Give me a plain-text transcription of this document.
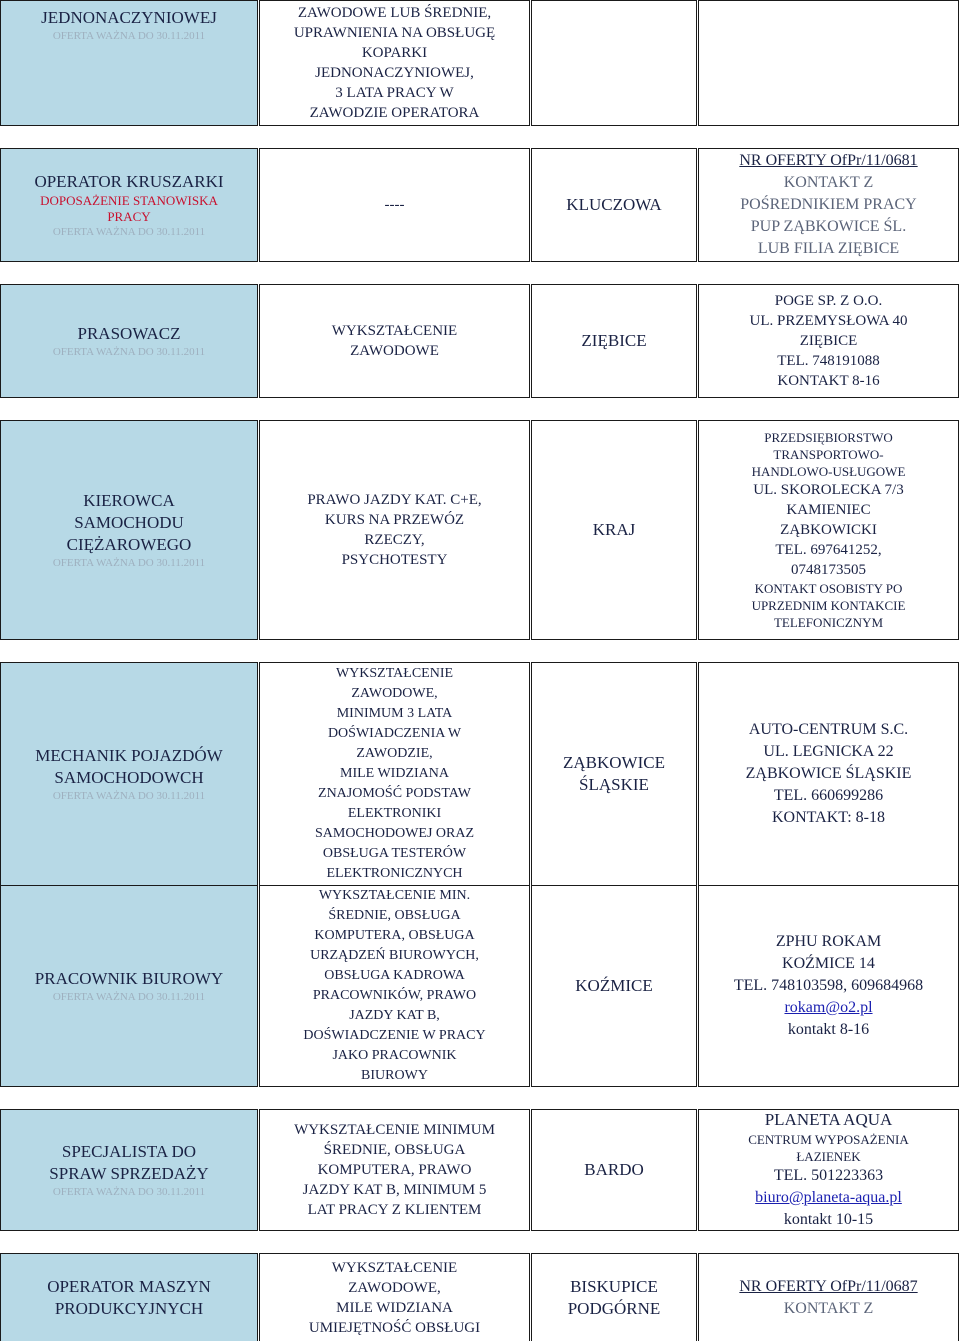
JEDNONACZYNIOWEJ
OFERTA WAŻNA DO 30.11.2011
ZAWODOWE LUB ŚREDNIE,
UPRAWNIENIA NA OBSŁUGĘ
KOPARKI
JEDNONACZYNIOWEJ,
3 LATA PRACY W
ZAWODZIE OPERATORA
OPERATOR KRUSZARKI
DOPOSAŻENIE STANOWISKA
PRACY
OFERTA WAŻNA DO 30.11.2011
----	KLUCZOWA
NR OFERTY OfPr/11/0681
KONTAKT Z
POŚREDNIKIEM PRACY
PUP ZĄBKOWICE ŚL.
LUB FILIA ZIĘBICE
PRASOWACZ
OFERTA WAŻNA DO 30.11.2011
WYKSZTAŁCENIE
ZAWODOWE
ZIĘBICE
POGE SP. Z O.O.
UL. PRZEMYSŁOWA 40
ZIĘBICE
TEL. 748191088
KONTAKT 8-16
KIEROWCA
SAMOCHODU
CIĘŻAROWEGO
OFERTA WAŻNA DO 30.11.2011
PRAWO JAZDY KAT. C+E,
KURS NA PRZEWÓZ
RZECZY,
PSYCHOTESTY
KRAJ
PRZEDSIĘBIORSTWO
TRANSPORTOWO-
HANDLOWO-USŁUGOWE
UL. SKOROLECKA 7/3
KAMIENIEC
ZĄBKOWICKI
TEL. 697641252,
0748173505
KONTAKT OSOBISTY PO
UPRZEDNIM KONTAKCIE
TELEFONICZNYM
MECHANIK POJAZDÓW
SAMOCHODOWCH
OFERTA WAŻNA DO 30.11.2011
WYKSZTAŁCENIE
ZAWODOWE,
MINIMUM 3 LATA
DOŚWIADCZENIA W
ZAWODZIE,
MILE WIDZIANA
ZNAJOMOŚĆ PODSTAW
ELEKTRONIKI
SAMOCHODOWEJ ORAZ
OBSŁUGA TESTERÓW
ELEKTRONICZNYCH
ZĄBKOWICE
ŚLĄSKIE
AUTO-CENTRUM S.C.
UL. LEGNICKA 22
ZĄBKOWICE ŚLĄSKIE
TEL. 660699286
KONTAKT: 8-18
PRACOWNIK BIUROWY
OFERTA WAŻNA DO 30.11.2011
WYKSZTAŁCENIE MIN.
ŚREDNIE, OBSŁUGA
KOMPUTERA, OBSŁUGA
URZĄDZEŃ BIUROWYCH,
OBSŁUGA KADROWA
PRACOWNIKÓW, PRAWO
JAZDY KAT B,
DOŚWIADCZENIE W PRACY
JAKO PRACOWNIK
BIUROWY
KOŹMICE
ZPHU ROKAM
KOŹMICE 14
TEL. 748103598, 609684968
rokam@o2.pl
kontakt 8-16
SPECJALISTA DO
SPRAW SPRZEDAŻY
OFERTA WAŻNA DO 30.11.2011
WYKSZTAŁCENIE MINIMUM
ŚREDNIE, OBSŁUGA
KOMPUTERA, PRAWO
JAZDY KAT B, MINIMUM 5
LAT PRACY Z KLIENTEM
BARDO
PLANETA AQUA
CENTRUM WYPOSAŻENIA
ŁAZIENEK
TEL. 501223363
biuro@planeta-aqua.pl
kontakt 10-15
OPERATOR MASZYN
PRODUKCYJNYCH
WYKSZTAŁCENIE
ZAWODOWE,
MILE WIDZIANA
UMIEJĘTNOŚĆ OBSŁUGI
BISKUPICE
PODGÓRNE
NR OFERTY OfPr/11/0687
KONTAKT Z
